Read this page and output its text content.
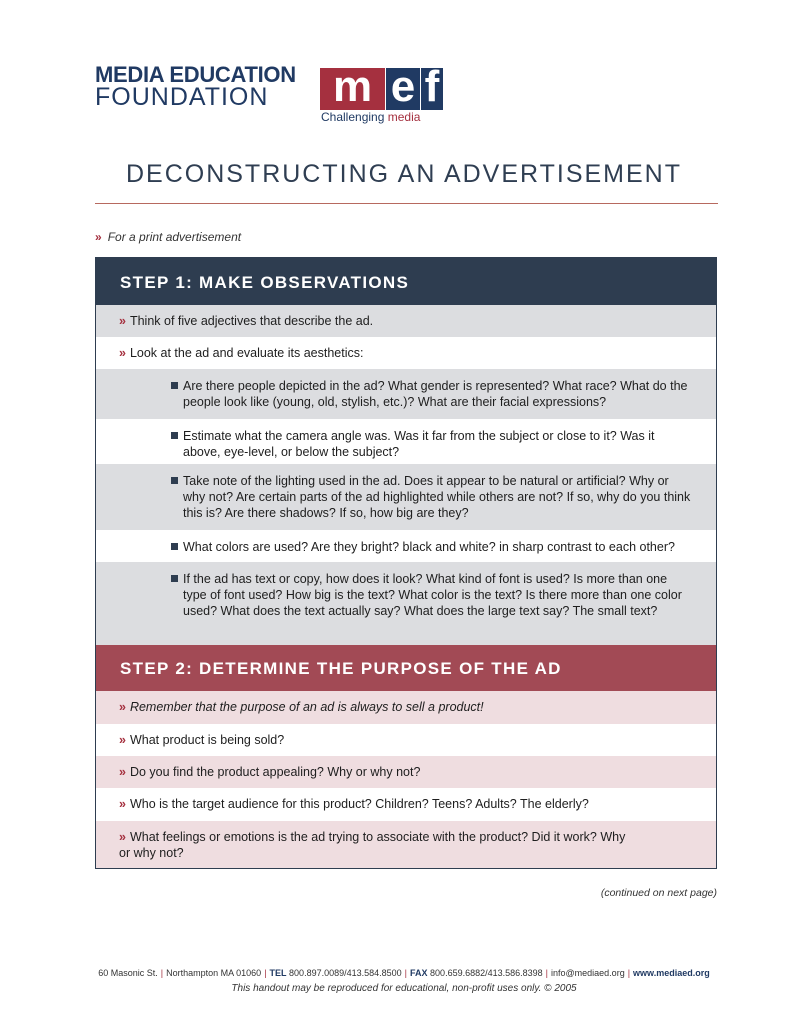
MEDIA EDUCATION
FOUNDATION m e f
Challenging media
DECONSTRUCTING AN ADVERTISEMENT
» For a print advertisement
STEP 1: MAKE OBSERVATIONS
» Think of five adjectives that describe the ad.
» Look at the ad and evaluate its aesthetics:
Are there people depicted in the ad? What gender is represented? What race? What do the people look like (young, old, stylish, etc.)? What are their facial expressions?
Estimate what the camera angle was. Was it far from the subject or close to it? Was it above, eye-level, or below the subject?
Take note of the lighting used in the ad. Does it appear to be natural or artificial? Why or why not? Are certain parts of the ad highlighted while others are not? If so, why do you think this is? Are there shadows? If so, how big are they?
What colors are used? Are they bright? black and white? in sharp contrast to each other?
If the ad has text or copy, how does it look? What kind of font is used? Is more than one type of font used? How big is the text? What color is the text? Is there more than one color used? What does the text actually say? What does the large text say? The small text?
STEP 2: DETERMINE THE PURPOSE OF THE AD
» Remember that the purpose of an ad is always to sell a product!
» What product is being sold?
» Do you find the product appealing? Why or why not?
» Who is the target audience for this product? Children? Teens? Adults? The elderly?
» What feelings or emotions is the ad trying to associate with the product? Did it work? Why or why not?
(continued on next page)
60 Masonic St. | Northampton MA 01060 | TEL 800.897.0089/413.584.8500 | FAX 800.659.6882/413.586.8398 | info@mediaed.org | www.mediaed.org
This handout may be reproduced for educational, non-profit uses only. © 2005
